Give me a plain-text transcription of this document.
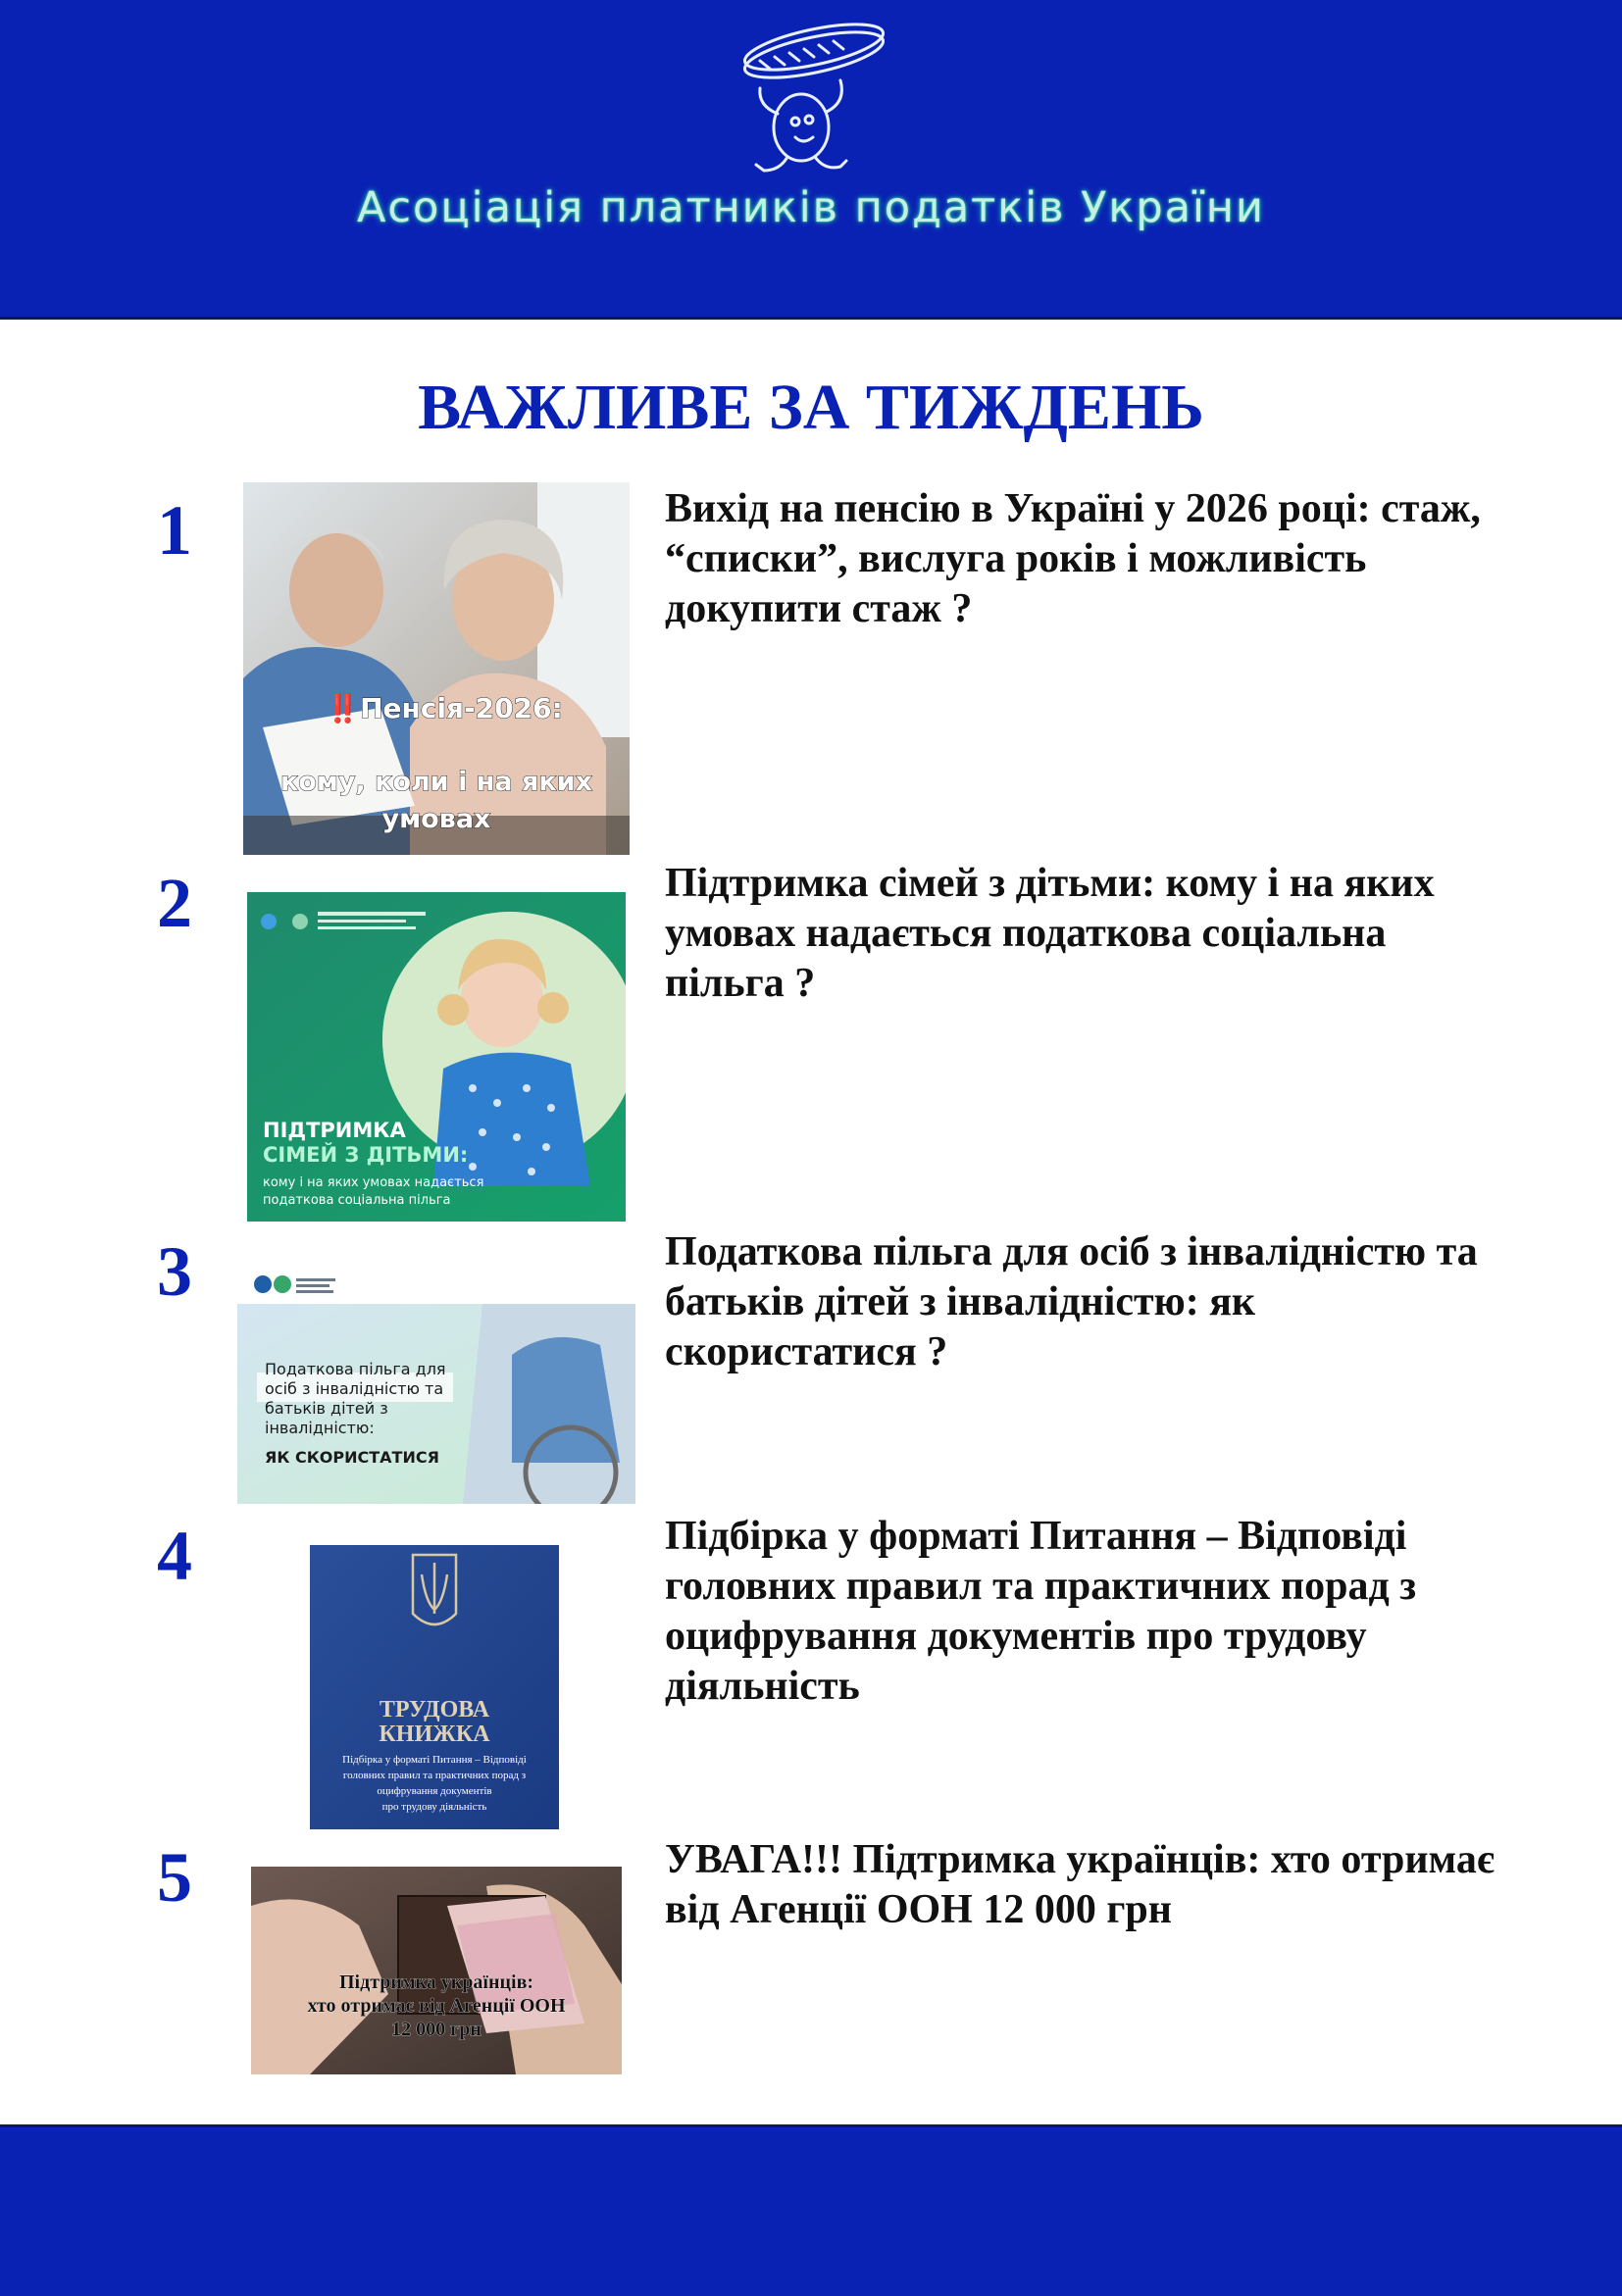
Асоціація платників податків України
ВАЖЛИВЕ ЗА ТИЖДЕНЬ
1
‼️Пенсія-2026:
кому, коли і на яких
умовах
Вихід на пенсію в Україні у 2026 році: стаж, “списки”, вислуга років і можливість докупити стаж ?
2
ПІДТРИМКА
СІМЕЙ З ДІТЬМИ:
кому і на яких умовах надається
податкова соціальна пільга
Підтримка сімей з дітьми: кому і на яких умовах надається податкова соціальна пільга ?
3
Податкова пільга для
осіб з інвалідністю та
батьків дітей з
інвалідністю:
ЯК СКОРИСТАТИСЯ
Податкова пільга для осіб з інвалідністю та батьків дітей з інвалідністю: як скористатися ?
4
ТРУДОВА
КНИЖКА
Підбірка у форматі Питання – Відповіді
головних правил та практичних порад з
оцифрування документів
про трудову діяльність
Підбірка у форматі Питання – Відповіді головних правил та практичних порад з оцифрування документів про трудову діяльність
5
Підтримка українців:
хто отримає від Агенції ООН
12 000 грн
УВАГА!!! Підтримка українців: хто отримає від Агенції ООН 12 000 грн
